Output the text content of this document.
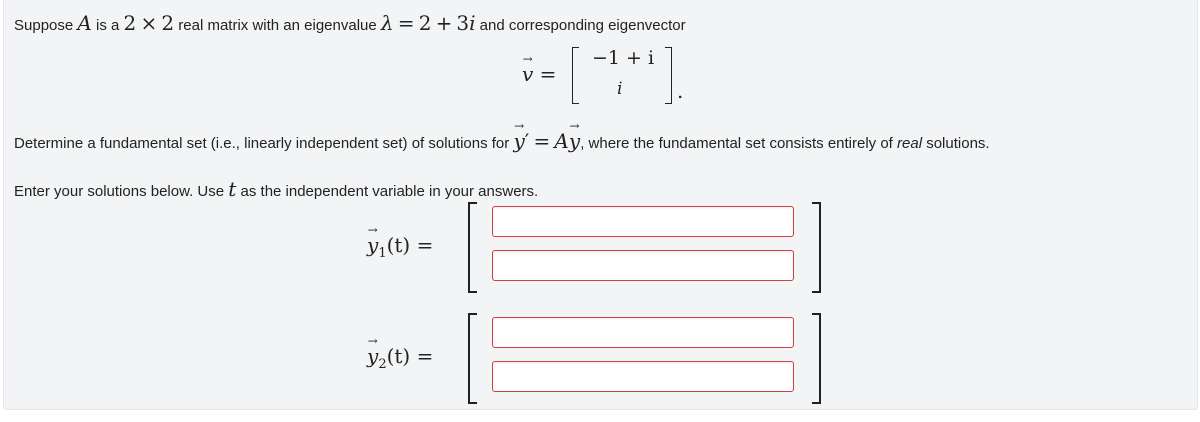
Suppose A is a 2 × 2 real matrix with an eigenvalue λ = 2 + 3i and corresponding eigenvector
→
v =
−1 + i
i	.
Determine a fundamental set (i.e., linearly independent set) of solutions for
→
y′ = A
→
y, where the fundamental set consists entirely of real solutions.
Enter your solutions below. Use t as the independent variable in your answers.
→
$y_1(t)$ =
→
$y_2(t)$ =
